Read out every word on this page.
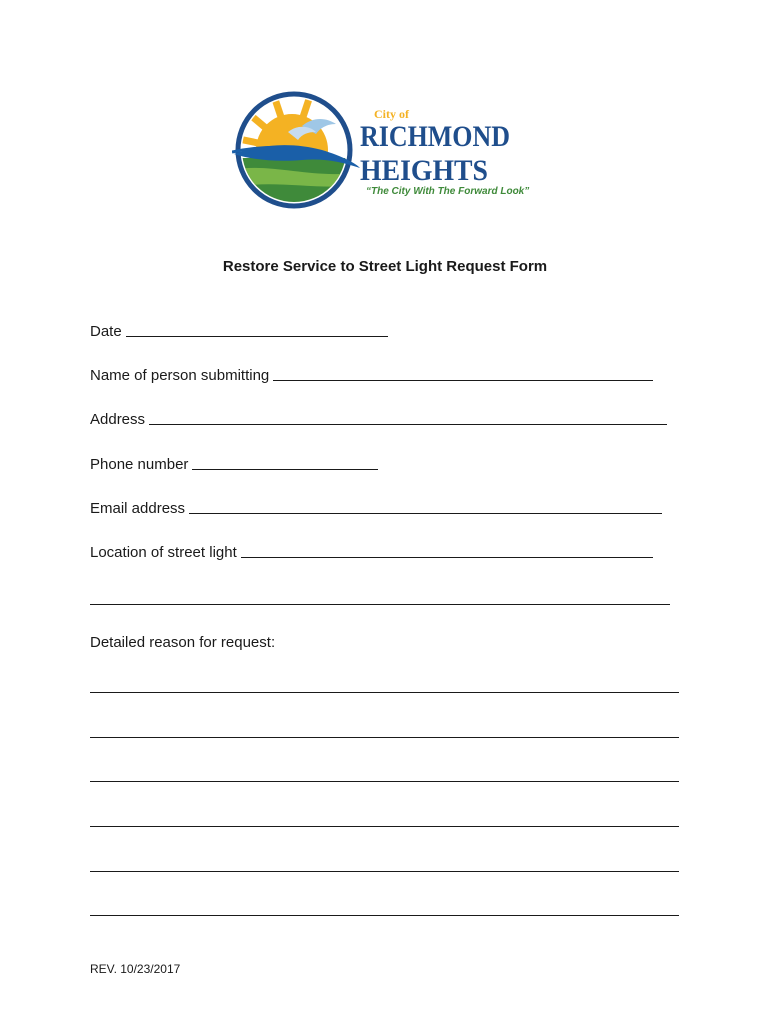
City of
RICHMOND
HEIGHTS
“The City With The Forward Look”
Restore Service to Street Light Request Form
Date
Name of person submitting
Address
Phone number
Email address
Location of street light
Detailed reason for request:
REV. 10/23/2017
